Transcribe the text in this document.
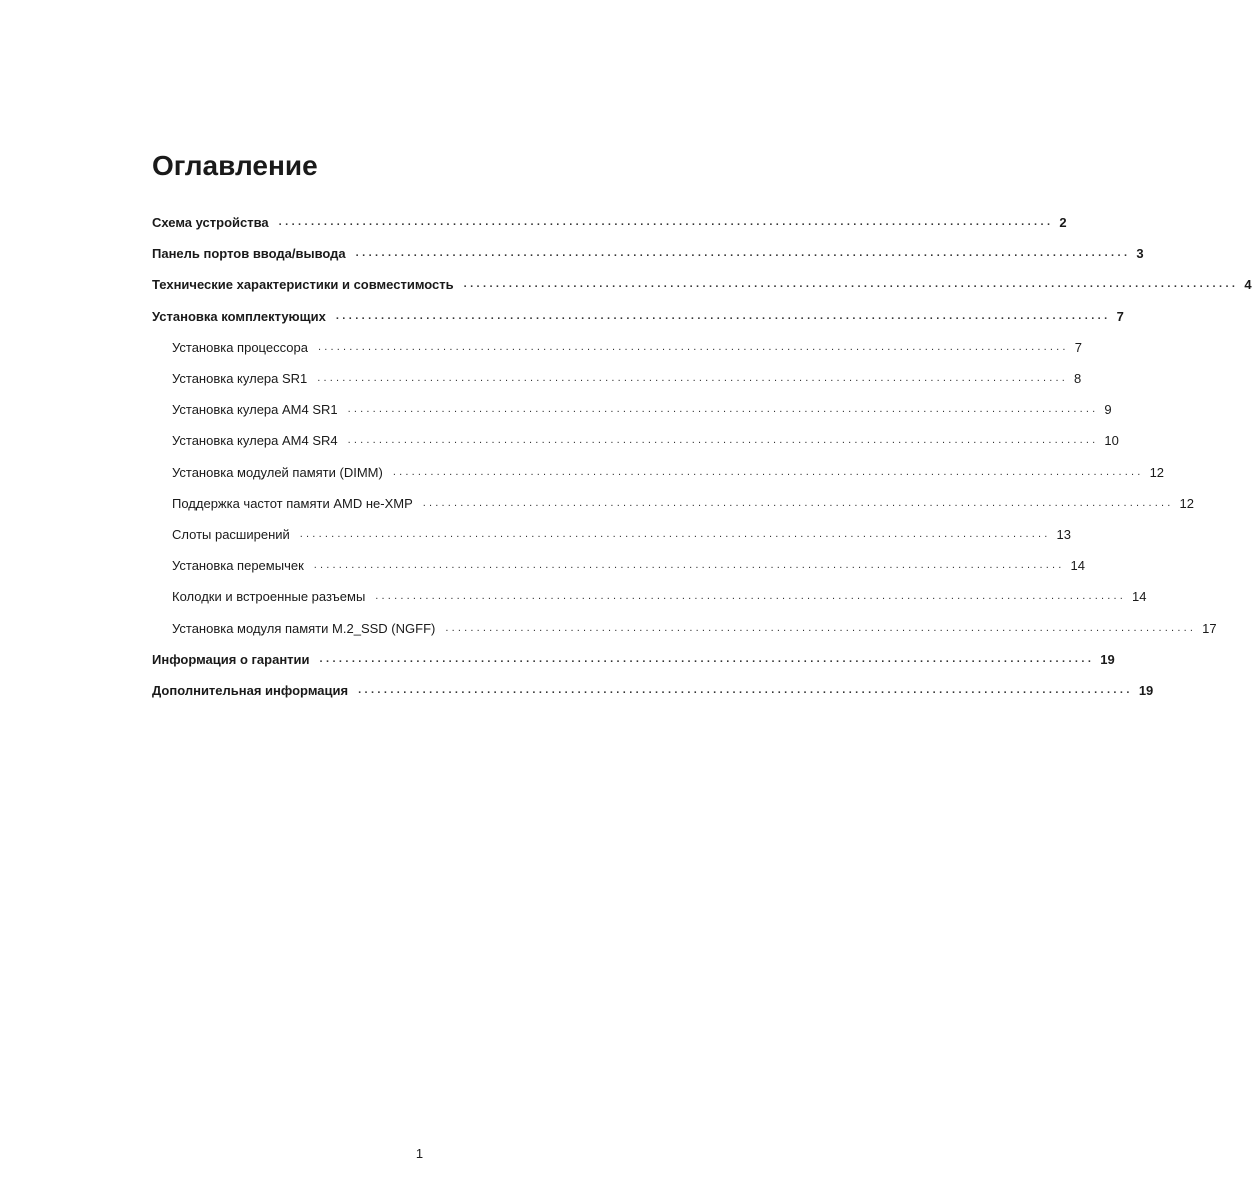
Оглавление
Схема устройства ........................................................................................................................ 2
Панель портов ввода/вывода ........................................................................................................................ 3
Технические характеристики и совместимость ........................................................................................................................ 4
Установка комплектующих ........................................................................................................................ 7
Установка процессора ........................................................................................................................ 7
Установка кулера SR1 ........................................................................................................................ 8
Установка кулера AM4 SR1 ........................................................................................................................ 9
Установка кулера AM4 SR4 ........................................................................................................................ 10
Установка модулей памяти (DIMM) ........................................................................................................................ 12
Поддержка частот памяти AMD не-XMP ........................................................................................................................ 12
Слоты расширений ........................................................................................................................ 13
Установка перемычек ........................................................................................................................ 14
Колодки и встроенные разъемы ........................................................................................................................ 14
Установка модуля памяти M.2_SSD (NGFF) ........................................................................................................................ 17
Информация о гарантии ........................................................................................................................ 19
Дополнительная информация ........................................................................................................................ 19
1
